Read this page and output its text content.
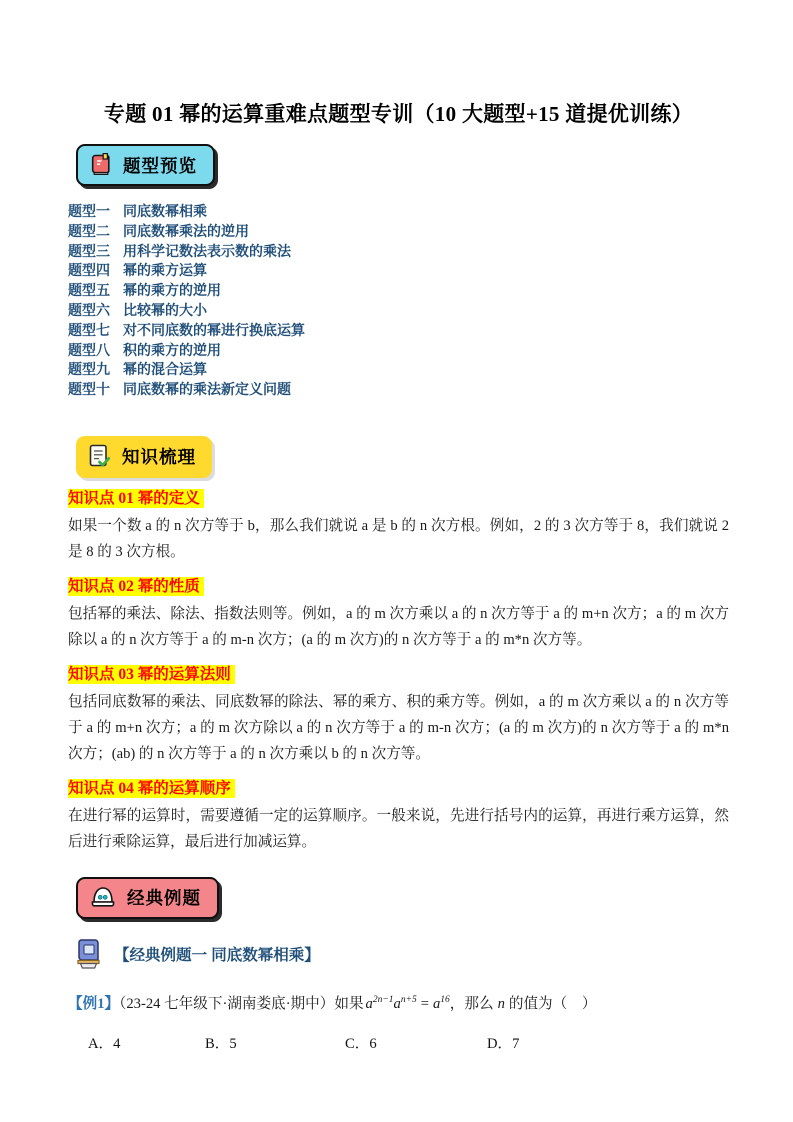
专题 01 幂的运算重难点题型专训（10 大题型+15 道提优训练）
题型预览
题型一 同底数幂相乘
题型二 同底数幂乘法的逆用
题型三 用科学记数法表示数的乘法
题型四 幂的乘方运算
题型五 幂的乘方的逆用
题型六 比较幂的大小
题型七 对不同底数的幂进行换底运算
题型八 积的乘方的逆用
题型九 幂的混合运算
题型十 同底数幂的乘法新定义问题
知识梳理
知识点 01 幂的定义

如果一个数 a 的 n 次方等于 b，那么我们就说 a 是 b 的 n 次方根。例如，2 的 3 次方等于 8，我们就说 2 是 8 的 3 次方根。

知识点 02 幂的性质

包括幂的乘法、除法、指数法则等。例如，a 的 m 次方乘以 a 的 n 次方等于 a 的 m+n 次方；a 的 m 次方除以 a 的 n 次方等于 a 的 m-n 次方；(a 的 m 次方)的 n 次方等于 a 的 m*n 次方等。

知识点 03 幂的运算法则

包括同底数幂的乘法、同底数幂的除法、幂的乘方、积的乘方等。例如，a 的 m 次方乘以 a 的 n 次方等于 a 的 m+n 次方；a 的 m 次方除以 a 的 n 次方等于 a 的 m-n 次方；(a 的 m 次方)的 n 次方等于 a 的 m*n 次方；(ab) 的 n 次方等于 a 的 n 次方乘以 b 的 n 次方等。

知识点 04 幂的运算顺序

在进行幂的运算时，需要遵循一定的运算顺序。一般来说，先进行括号内的运算，再进行乘方运算，然后进行乘除运算，最后进行加减运算。

经典例题
【经典例题一 同底数幂相乘】

【例1】（23-24 七年级下·湖南娄底·期中）如果 $a^{2n-1}a^{n+5} = a^{16}$，那么 n 的值为（　）

A．4	B．5	C．6	D．7
